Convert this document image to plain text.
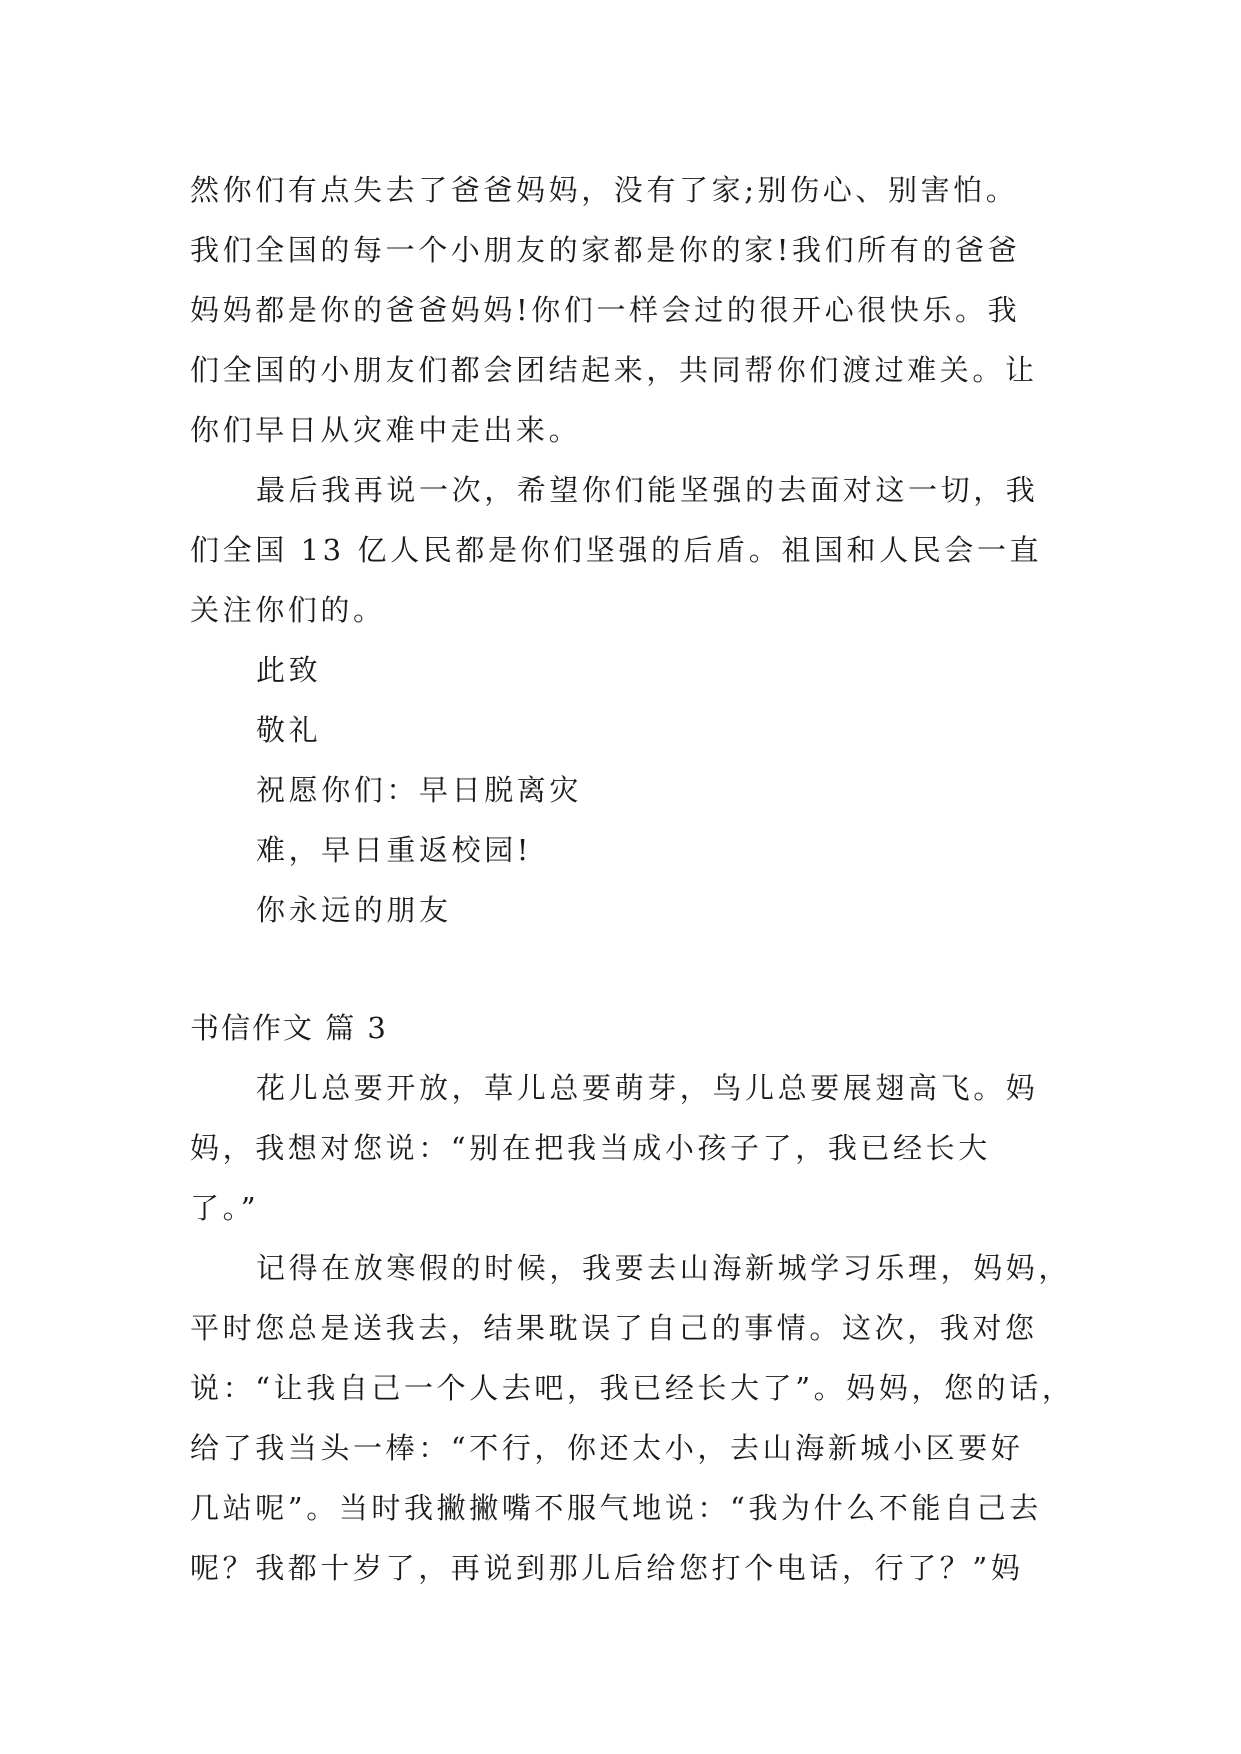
然你们有点失去了爸爸妈妈，没有了家;别伤心、别害怕。
我们全国的每一个小朋友的家都是你的家!我们所有的爸爸
妈妈都是你的爸爸妈妈!你们一样会过的很开心很快乐。我
们全国的小朋友们都会团结起来，共同帮你们渡过难关。让
你们早日从灾难中走出来。
最后我再说一次，希望你们能坚强的去面对这一切，我
们全国 13 亿人民都是你们坚强的后盾。祖国和人民会一直
关注你们的。
此致
敬礼
祝愿你们：早日脱离灾
难，早日重返校园!
你永远的朋友
书信作文 篇 3
花儿总要开放，草儿总要萌芽，鸟儿总要展翅高飞。妈
妈，我想对您说：“别在把我当成小孩子了，我已经长大
了。”
记得在放寒假的时候，我要去山海新城学习乐理，妈妈，
平时您总是送我去，结果耽误了自己的事情。这次，我对您
说：“让我自己一个人去吧，我已经长大了”。妈妈，您的话，
给了我当头一棒：“不行，你还太小，去山海新城小区要好
几站呢”。当时我撇撇嘴不服气地说：“我为什么不能自己去
呢？我都十岁了，再说到那儿后给您打个电话，行了？”妈
